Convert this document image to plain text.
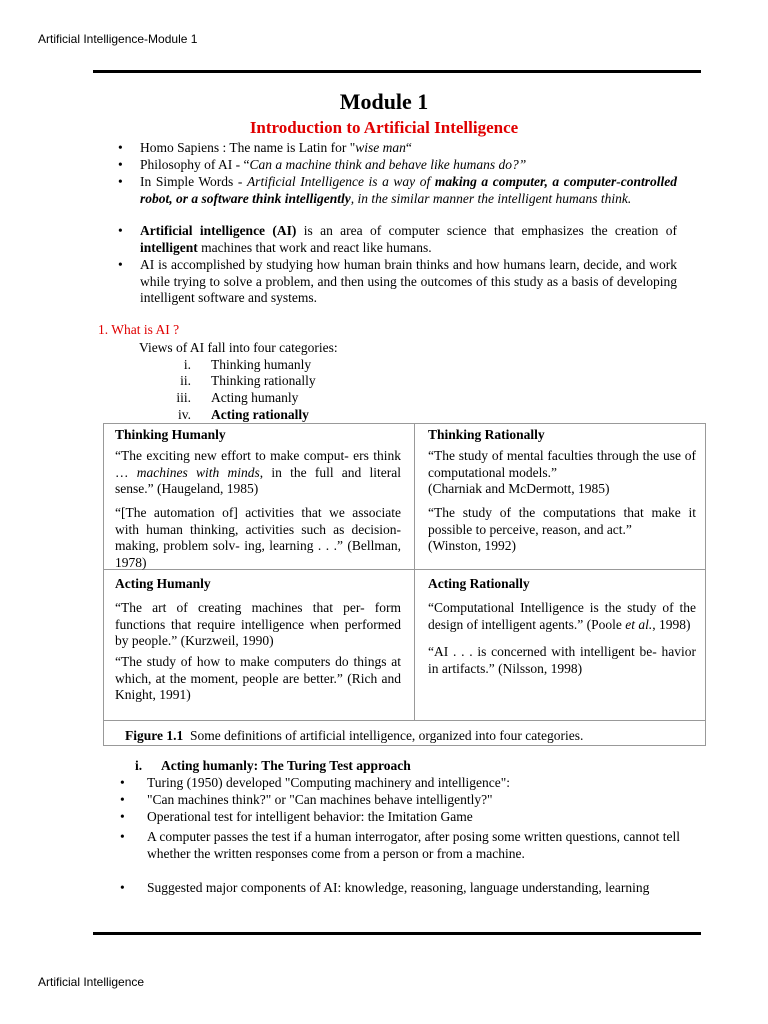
Artificial Intelligence-Module 1
Module 1
Introduction to Artificial Intelligence
• Homo Sapiens : The name is Latin for "wise man“
• Philosophy of AI - “Can a machine think and behave like humans do?”
• In Simple Words - Artificial Intelligence is a way of making a computer, a computer-controlled robot, or a software think intelligently, in the similar manner the intelligent humans think.
• Artificial intelligence (AI) is an area of computer science that emphasizes the creation of intelligent machines that work and react like humans.
• AI is accomplished by studying how human brain thinks and how humans learn, decide, and work while trying to solve a problem, and then using the outcomes of this study as a basis of developing intelligent software and systems.
1. What is AI ?
Views of AI fall into four categories:
i. Thinking humanly
ii. Thinking rationally
iii. Acting humanly
iv. Acting rationally
Thinking Humanly
“The exciting new effort to make comput- ers think … machines with minds, in the full and literal sense.” (Haugeland, 1985)
“[The automation of] activities that we associate with human thinking, activities such as decision-making, problem solv- ing, learning . . .” (Bellman, 1978)
Thinking Rationally
“The study of mental faculties through the use of computational models.”
(Charniak and McDermott, 1985)
“The study of the computations that make it possible to perceive, reason, and act.”
(Winston, 1992)
Acting Humanly
“The art of creating machines that per- form functions that require intelligence when performed by people.” (Kurzweil, 1990)
“The study of how to make computers do things at which, at the moment, people are better.” (Rich and Knight, 1991)
Acting Rationally
“Computational Intelligence is the study of the design of intelligent agents.” (Poole et al., 1998)
“AI . . . is concerned with intelligent be- havior in artifacts.” (Nilsson, 1998)
Figure 1.1 Some definitions of artificial intelligence, organized into four categories.
i. Acting humanly: The Turing Test approach
• Turing (1950) developed "Computing machinery and intelligence":
• "Can machines think?" or "Can machines behave intelligently?"
• Operational test for intelligent behavior: the Imitation Game
• A computer passes the test if a human interrogator, after posing some written questions, cannot tell whether the written responses come from a person or from a machine.
• Suggested major components of AI: knowledge, reasoning, language understanding, learning
Artificial Intelligence
